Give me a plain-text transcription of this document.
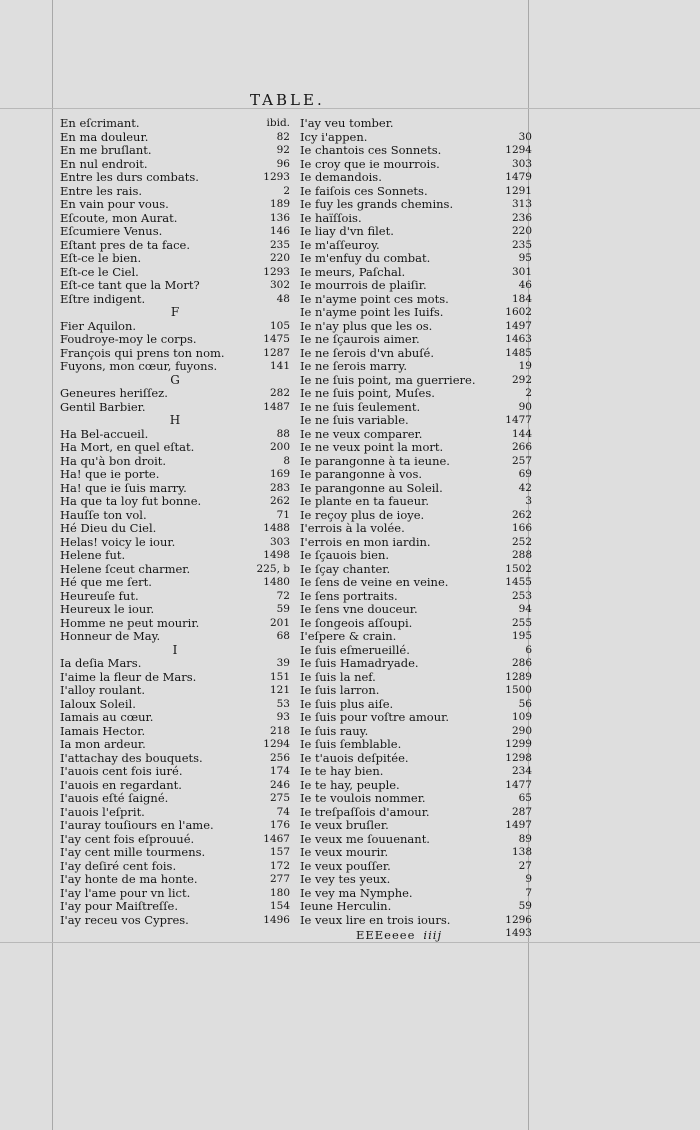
TABLE.
En eſcrimant.	ibid.
En ma douleur.	82
En me bruſlant.	92
En nul endroit.	96
Entre les durs combats.	1293
Entre les rais.	2
En vain pour vous.	189
Eſcoute, mon Aurat.	136
Eſcumiere Venus.	146
Eſtant pres de ta face.	235
Eſt-ce le bien.	220
Eſt-ce le Ciel.	1293
Eſt-ce tant que la Mort?	302
Eſtre indigent.	48
F
Fier Aquilon.	105
Foudroye-moy le corps.	1475
François qui prens ton nom.	1287
Fuyons, mon cœur, fuyons.	141
G
Geneures heriſſez.	282
Gentil Barbier.	1487
H
Ha Bel-accueil.	88
Ha Mort, en quel eſtat.	200
Ha qu'à bon droit.	8
Ha! que ie porte.	169
Ha! que ie ſuis marry.	283
Ha que ta loy fut bonne.	262
Hauſſe ton vol.	71
Hé Dieu du Ciel.	1488
Helas! voicy le iour.	303
Helene fut.	1498
Helene ſceut charmer.	225, b
Hé que me ſert.	1480
Heureuſe fut.	72
Heureux le iour.	59
Homme ne peut mourir.	201
Honneur de May.	68
I
Ia deſia Mars.	39
I'aime la fleur de Mars.	151
I'alloy roulant.	121
Ialoux Soleil.	53
Iamais au cœur.	93
Iamais Hector.	218
Ia mon ardeur.	1294
I'attachay des bouquets.	256
I'auois cent fois iuré.	174
I'auois en regardant.	246
I'auois eſté ſaigné.	275
I'auois l'eſprit.	74
I'auray touſiours en l'ame.	176
I'ay cent fois eſprouué.	1467
I'ay cent mille tourmens.	157
I'ay deſiré cent fois.	172
I'ay honte de ma honte.	277
I'ay l'ame pour vn lict.	180
I'ay pour Maiſtreſſe.	154
I'ay receu vos Cypres.	1496
I'ay veu tomber.
Icy i'appen.	30
Ie chantois ces Sonnets.	1294
Ie croy que ie mourrois.	303
Ie demandois.	1479
Ie faiſois ces Sonnets.	1291
Ie fuy les grands chemins.	313
Ie haïſſois.	236
Ie liay d'vn filet.	220
Ie m'aſſeuroy.	235
Ie m'enfuy du combat.	95
Ie meurs, Paſchal.	301
Ie mourrois de plaiſir.	46
Ie n'ayme point ces mots.	184
Ie n'ayme point les Iuifs.	1602
Ie n'ay plus que les os.	1497
Ie ne ſçaurois aimer.	1463
Ie ne ſerois d'vn abuſé.	1485
Ie ne ſerois marry.	19
Ie ne ſuis point, ma guerriere.	292
Ie ne ſuis point, Muſes.	2
Ie ne ſuis ſeulement.	90
Ie ne ſuis variable.	1477
Ie ne veux comparer.	144
Ie ne veux point la mort.	266
Ie parangonne à ta ieune.	257
Ie parangonne à vos.	69
Ie parangonne au Soleil.	42
Ie plante en ta faueur.	3
Ie reçoy plus de ioye.	262
I'errois à la volée.	166
I'errois en mon iardin.	252
Ie ſçauois bien.	288
Ie ſçay chanter.	1502
Ie ſens de veine en veine.	1455
Ie ſens portraits.	253
Ie ſens vne douceur.	94
Ie ſongeois aſſoupi.	255
I'eſpere & crain.	195
Ie ſuis eſmerueillé.	6
Ie ſuis Hamadryade.	286
Ie ſuis la nef.	1289
Ie ſuis larron.	1500
Ie ſuis plus aiſe.	56
Ie ſuis pour voſtre amour.	109
Ie ſuis rauy.	290
Ie ſuis ſemblable.	1299
Ie t'auois deſpitée.	1298
Ie te hay bien.	234
Ie te hay, peuple.	1477
Ie te voulois nommer.	65
Ie treſpaſſois d'amour.	287
Ie veux bruſler.	1497
Ie veux me ſouuenant.	89
Ie veux mourir.	138
Ie veux pouſſer.	27
Ie vey tes yeux.	9
Ie vey ma Nymphe.	7
Ieune Herculin.	59
Ie veux lire en trois iours.	1296
1493
EEEeeee iiij
